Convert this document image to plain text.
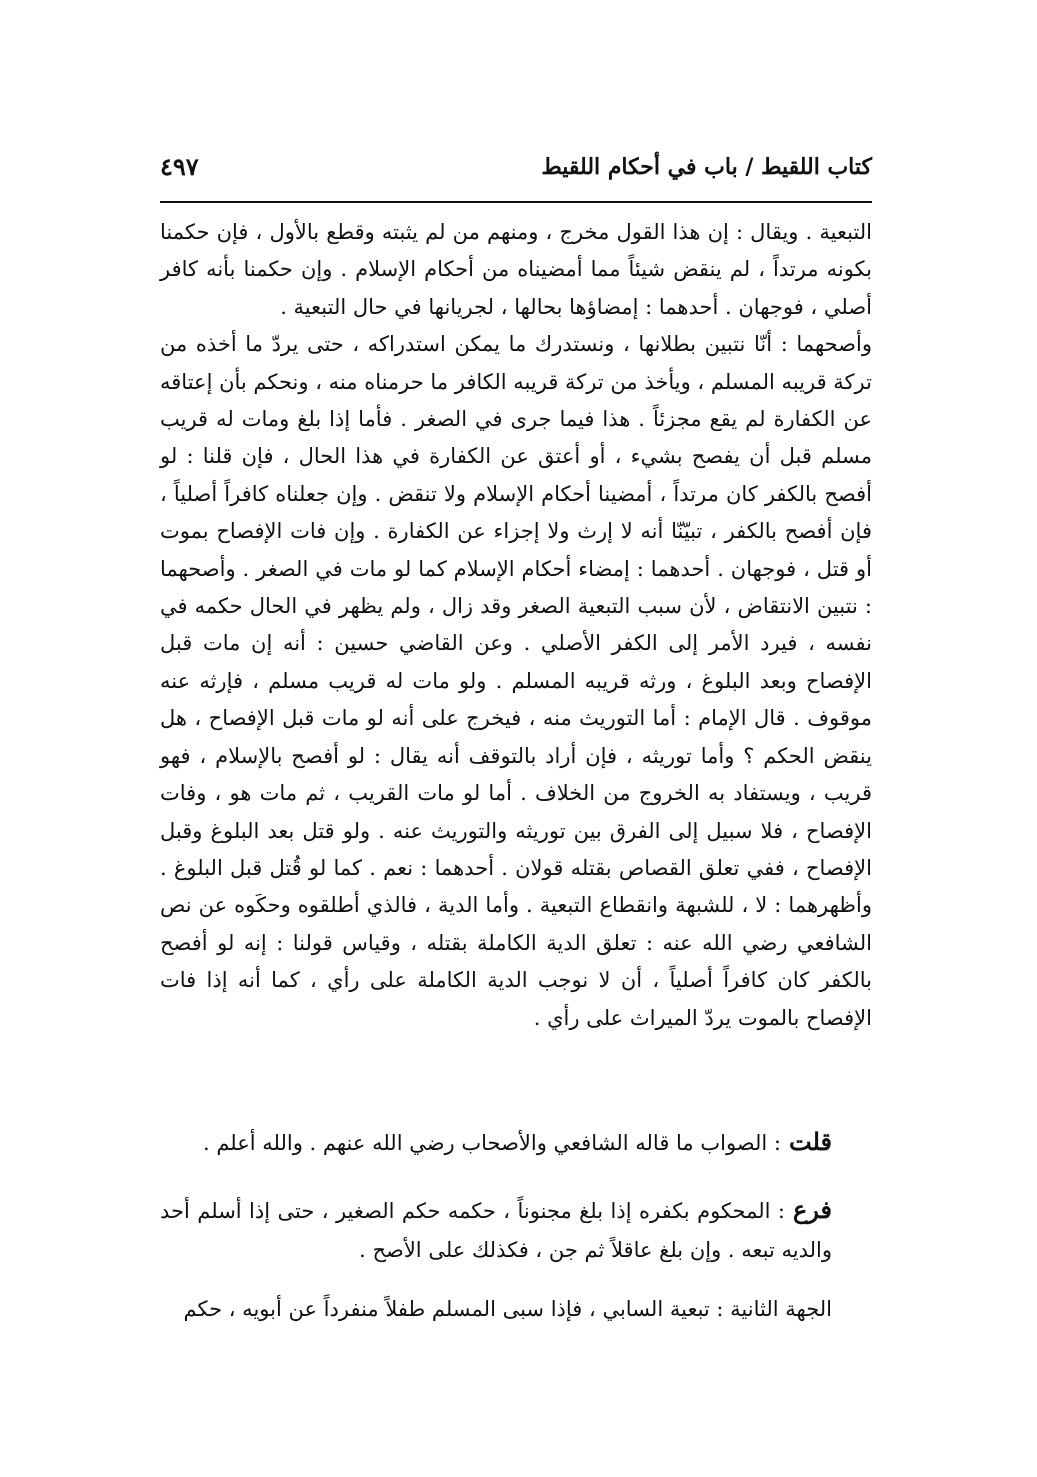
كتاب اللقيط / باب في أحكام اللقيط
٤٩٧

التبعية . ويقال : إن هذا القول مخرج ، ومنهم من لم يثبته وقطع بالأول ، فإن حكمنا بكونه مرتداً ، لم ينقض شيئاً مما أمضيناه من أحكام الإسلام . وإن حكمنا بأنه كافر أصلي ، فوجهان . أحدهما : إمضاؤها بحالها ، لجريانها في حال التبعية .

وأصحهما : أنّا نتبين بطلانها ، ونستدرك ما يمكن استدراكه ، حتى يردّ ما أخذه من تركة قريبه المسلم ، ويأخذ من تركة قريبه الكافر ما حرمناه منه ، ونحكم بأن إعتاقه عن الكفارة لم يقع مجزئاً . هذا فيما جرى في الصغر . فأما إذا بلغ ومات له قريب مسلم قبل أن يفصح بشيء ، أو أعتق عن الكفارة في هذا الحال ، فإن قلنا : لو أفصح بالكفر كان مرتداً ، أمضينا أحكام الإسلام ولا تنقض . وإن جعلناه كافراً أصلياً ، فإن أفصح بالكفر ، تبيّنّا أنه لا إرث ولا إجزاء عن الكفارة . وإن فات الإفصاح بموت أو قتل ، فوجهان . أحدهما : إمضاء أحكام الإسلام كما لو مات في الصغر . وأصحهما : نتبين الانتقاض ، لأن سبب التبعية الصغر وقد زال ، ولم يظهر في الحال حكمه في نفسه ، فيرد الأمر إلى الكفر الأصلي . وعن القاضي حسين : أنه إن مات قبل الإفصاح وبعد البلوغ ، ورثه قريبه المسلم . ولو مات له قريب مسلم ، فإرثه عنه موقوف . قال الإمام : أما التوريث منه ، فيخرج على أنه لو مات قبل الإفصاح ، هل ينقض الحكم ؟ وأما توريثه ، فإن أراد بالتوقف أنه يقال : لو أفصح بالإسلام ، فهو قريب ، ويستفاد به الخروج من الخلاف . أما لو مات القريب ، ثم مات هو ، وفات الإفصاح ، فلا سبيل إلى الفرق بين توريثه والتوريث عنه . ولو قتل بعد البلوغ وقبل الإفصاح ، ففي تعلق القصاص بقتله قولان . أحدهما : نعم . كما لو قُتل قبل البلوغ . وأظهرهما : لا ، للشبهة وانقطاع التبعية . وأما الدية ، فالذي أطلقوه وحكَوه عن نص الشافعي رضي الله عنه : تعلق الدية الكاملة بقتله ، وقياس قولنا : إنه لو أفصح بالكفر كان كافراً أصلياً ، أن لا نوجب الدية الكاملة على رأي ، كما أنه إذا فات الإفصاح بالموت يردّ الميراث على رأي .

قلت: الصواب ما قاله الشافعي والأصحاب رضي الله عنهم . والله أعلم .
فرع: المحكوم بكفره إذا بلغ مجنوناً ، حكمه حكم الصغير ، حتى إذا أسلم أحد والديه تبعه . وإن بلغ عاقلاً ثم جن ، فكذلك على الأصح .
الجهة الثانية : تبعية السابي ، فإذا سبى المسلم طفلاً منفرداً عن أبويه ، حكم
